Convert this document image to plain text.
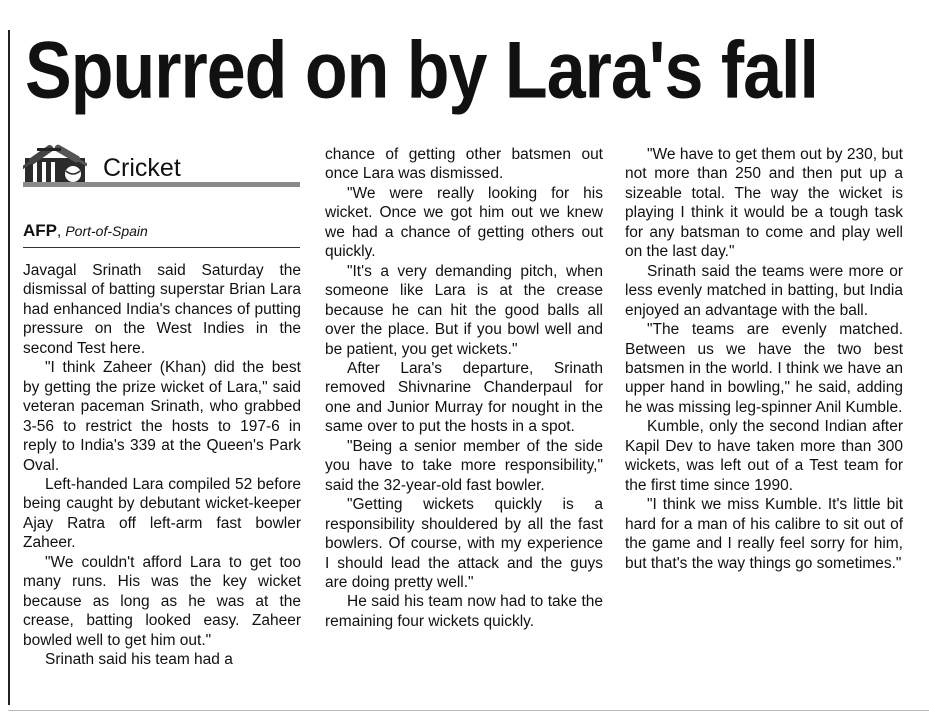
Spurred on by Lara's fall
Cricket
AFP, Port-of-Spain

Javagal Srinath said Saturday the dismissal of batting superstar Brian Lara had enhanced India's chances of putting pressure on the West Indies in the second Test here.

"I think Zaheer (Khan) did the best by getting the prize wicket of Lara," said veteran paceman Srinath, who grabbed 3-56 to restrict the hosts to 197-6 in reply to India's 339 at the Queen's Park Oval.

Left-handed Lara compiled 52 before being caught by debutant wicket-keeper Ajay Ratra off left-arm fast bowler Zaheer.

"We couldn't afford Lara to get too many runs. His was the key wicket because as long as he was at the crease, batting looked easy. Zaheer bowled well to get him out."

Srinath said his team had a

chance of getting other batsmen out once Lara was dismissed.

"We were really looking for his wicket. Once we got him out we knew we had a chance of getting others out quickly.

"It's a very demanding pitch, when someone like Lara is at the crease because he can hit the good balls all over the place. But if you bowl well and be patient, you get wickets."

After Lara's departure, Srinath removed Shivnarine Chanderpaul for one and Junior Murray for nought in the same over to put the hosts in a spot.

"Being a senior member of the side you have to take more responsibility," said the 32-year-old fast bowler.

"Getting wickets quickly is a responsibility shouldered by all the fast bowlers. Of course, with my experience I should lead the attack and the guys are doing pretty well."

He said his team now had to take the remaining four wickets quickly.

"We have to get them out by 230, but not more than 250 and then put up a sizeable total. The way the wicket is playing I think it would be a tough task for any batsman to come and play well on the last day."

Srinath said the teams were more or less evenly matched in batting, but India enjoyed an advantage with the ball.

"The teams are evenly matched. Between us we have the two best batsmen in the world. I think we have an upper hand in bowling," he said, adding he was missing leg-spinner Anil Kumble.

Kumble, only the second Indian after Kapil Dev to have taken more than 300 wickets, was left out of a Test team for the first time since 1990.

"I think we miss Kumble. It's little bit hard for a man of his calibre to sit out of the game and I really feel sorry for him, but that's the way things go sometimes."
